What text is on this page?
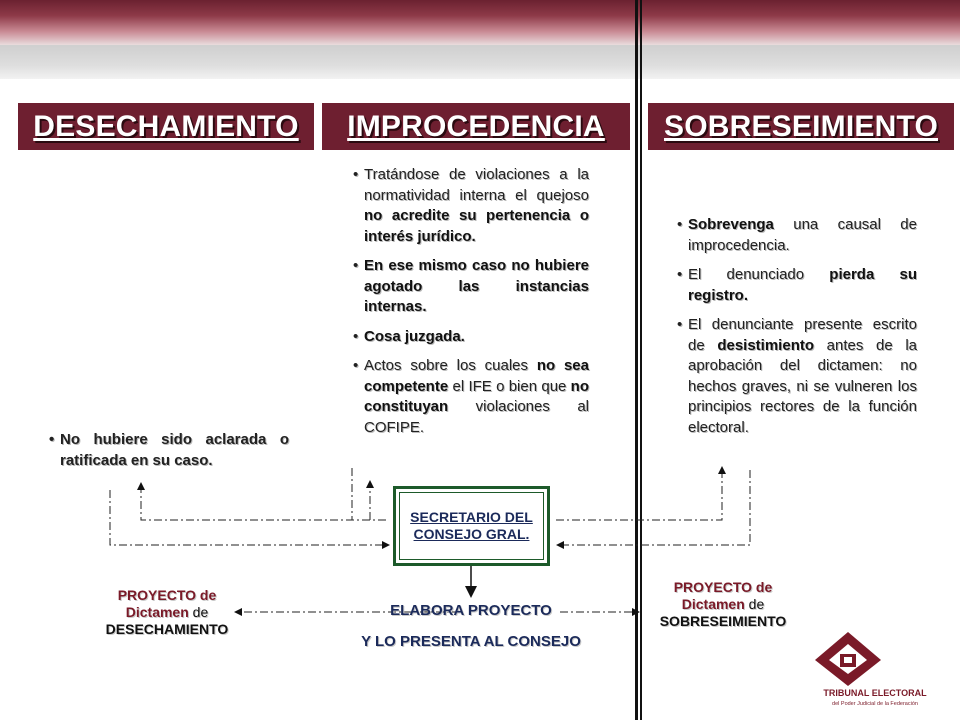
DESECHAMIENTO	IMPROCEDENCIA	SOBRESEIMIENTO
• Tratándose de violaciones a la normatividad interna el quejoso no acredite su pertenencia o interés jurídico.
• En ese mismo caso no hubiere agotado las instancias internas.
• Cosa juzgada.
• Actos sobre los cuales no sea competente el IFE o bien que no constituyan violaciones al COFIPE.
• Sobrevenga una causal de improcedencia.
• El denunciado pierda su registro.
• El denunciante presente escrito de desistimiento antes de la aprobación del dictamen: no hechos graves, ni se vulneren los principios rectores de la función electoral.
• No hubiere sido aclarada o ratificada en su caso.
SECRETARIO DEL CONSEJO GRAL.
ELABORA PROYECTO
Y LO PRESENTA AL CONSEJO
PROYECTO de
Dictamen de
DESECHAMIENTO
PROYECTO de
Dictamen de
SOBRESEIMIENTO
TRIBUNAL ELECTORAL
del Poder Judicial de la Federación
